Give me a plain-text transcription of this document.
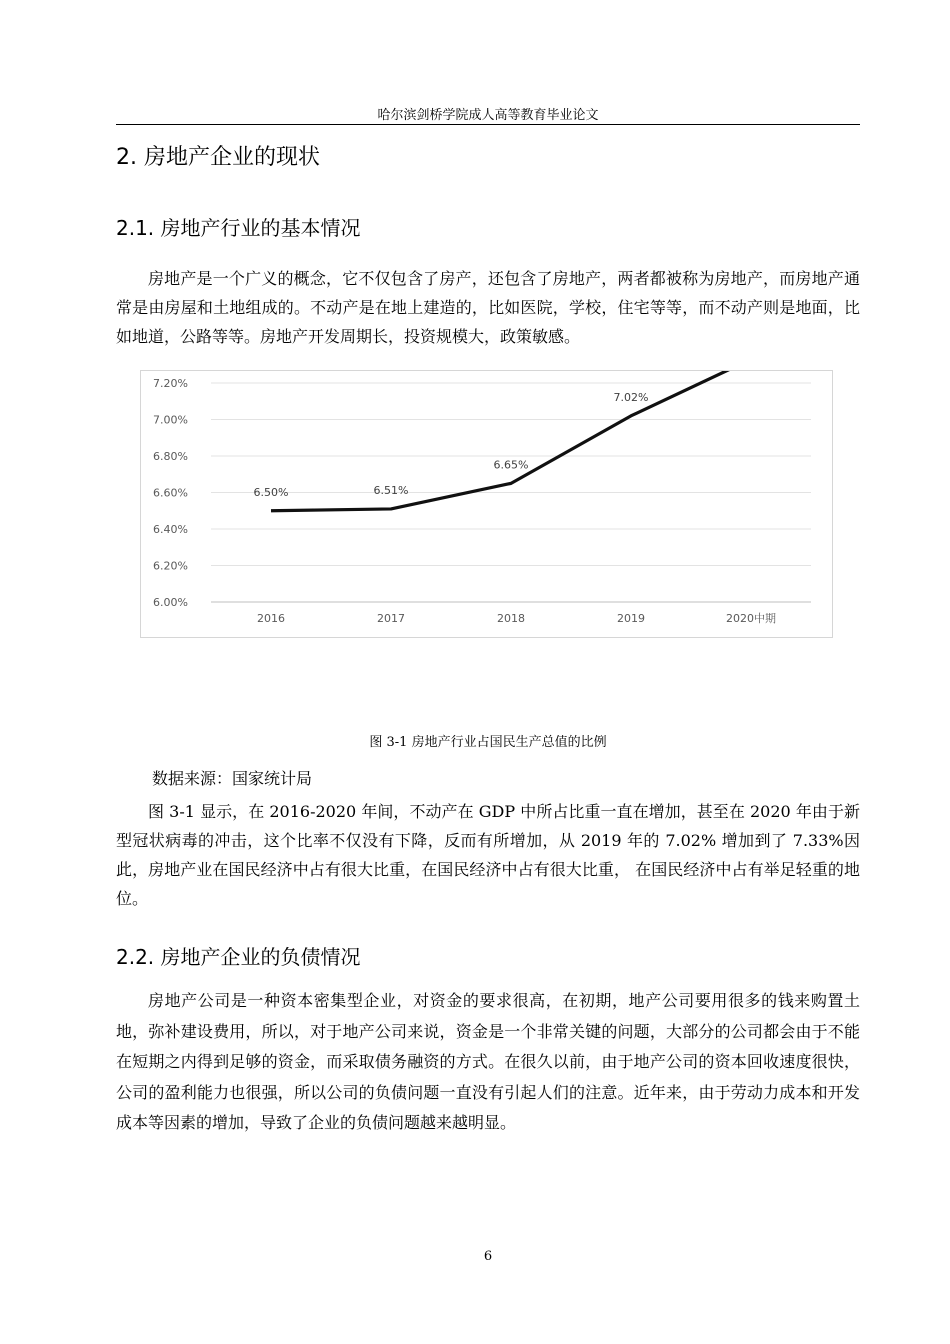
哈尔滨剑桥学院成人高等教育毕业论文
2. 房地产企业的现状
2.1. 房地产行业的基本情况

房地产是一个广义的概念，它不仅包含了房产，还包含了房地产，两者都被称为房地产，而房地产通常是由房屋和土地组成的。不动产是在地上建造的，比如医院，学校，住宅等等，而不动产则是地面，比如地道，公路等等。房地产开发周期长，投资规模大，政策敏感。

6.00%
6.20%
6.40%
6.60%
6.80%
7.00%
7.20%
2016	2017	2018	2019	2020中期
6.50%	6.51%
6.65%
7.02%
图 3-1 房地产行业占国民生产总值的比例
数据来源：国家统计局

图 3-1 显示，在 2016-2020 年间，不动产在 GDP 中所占比重一直在增加，甚至在 2020 年由于新型冠状病毒的冲击，这个比率不仅没有下降，反而有所增加，从 2019 年的 7.02% 增加到了 7.33%因此，房地产业在国民经济中占有很大比重，在国民经济中占有很大比重， 在国民经济中占有举足轻重的地位。

2.2. 房地产企业的负债情况

房地产公司是一种资本密集型企业，对资金的要求很高，在初期，地产公司要用很多的钱来购置土地，弥补建设费用，所以，对于地产公司来说，资金是一个非常关键的问题，大部分的公司都会由于不能在短期之内得到足够的资金，而采取债务融资的方式。在很久以前，由于地产公司的资本回收速度很快，公司的盈利能力也很强，所以公司的负债问题一直没有引起人们的注意。近年来，由于劳动力成本和开发成本等因素的增加，导致了企业的负债问题越来越明显。

6
